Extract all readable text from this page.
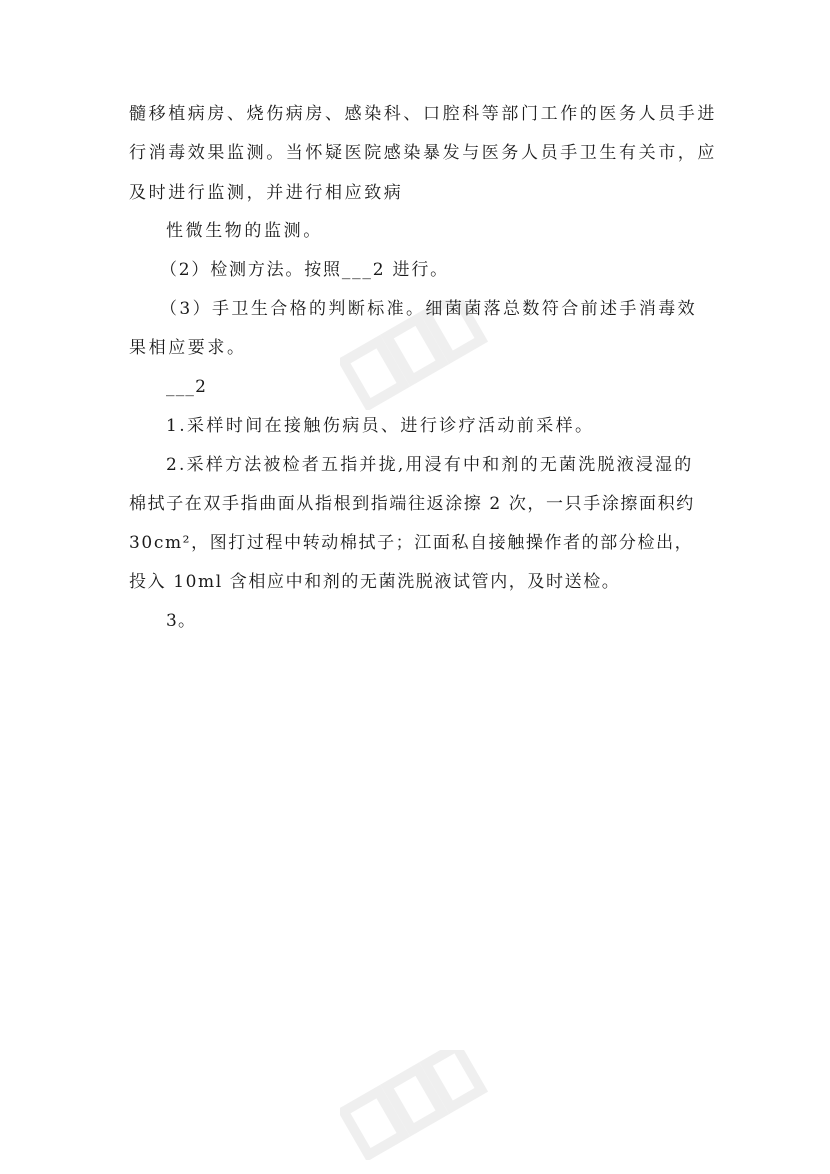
髓移植病房、烧伤病房、感染科、口腔科等部门工作的医务人员手进
行消毒效果监测。当怀疑医院感染暴发与医务人员手卫生有关市，应
及时进行监测，并进行相应致病
性微生物的监测。
（2）检测方法。按照___2 进行。
（3）手卫生合格的判断标准。细菌菌落总数符合前述手消毒效
果相应要求。
___2
1.采样时间在接触伤病员、进行诊疗活动前采样。
2.采样方法被检者五指并拢,用浸有中和剂的无菌洗脱液浸湿的
棉拭子在双手指曲面从指根到指端往返涂擦 2 次，一只手涂擦面积约
30cm²，图打过程中转动棉拭子；江面私自接触操作者的部分检出，
投入 10ml 含相应中和剂的无菌洗脱液试管内，及时送检。
3。
